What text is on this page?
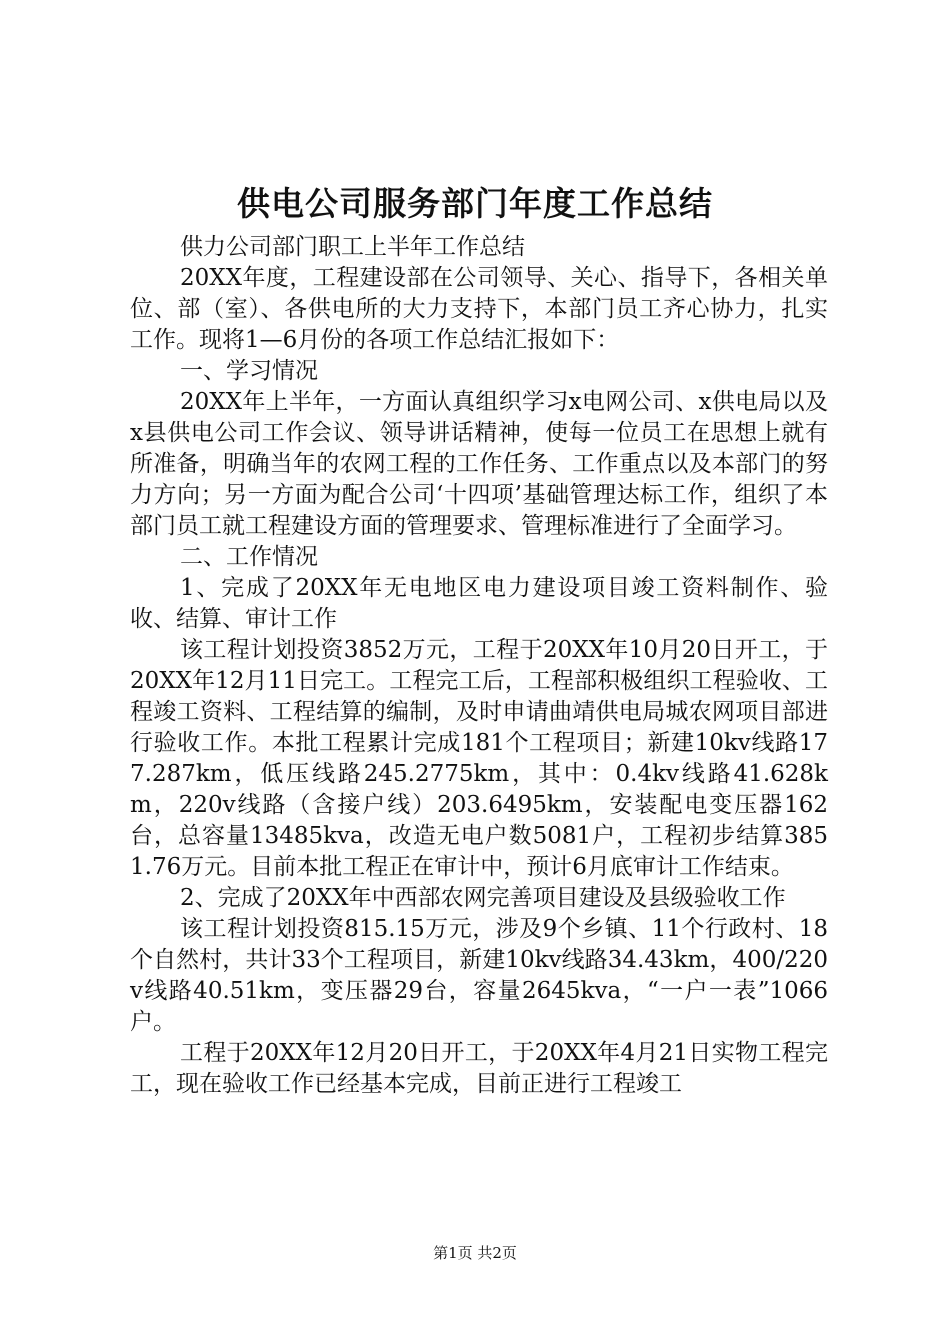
供电公司服务部门年度工作总结

供力公司部门职工上半年工作总结

20XX年度，工程建设部在公司领导、关心、指导下，各相关单位、部（室）、各供电所的大力支持下，本部门员工齐心协力，扎实工作。现将1—6月份的各项工作总结汇报如下：

一、学习情况

20XX年上半年，一方面认真组织学习x电网公司、x供电局以及x县供电公司工作会议、领导讲话精神，使每一位员工在思想上就有所准备，明确当年的农网工程的工作任务、工作重点以及本部门的努力方向；另一方面为配合公司‘十四项’基础管理达标工作，组织了本部门员工就工程建设方面的管理要求、管理标准进行了全面学习。

二、工作情况

1、完成了20XX年无电地区电力建设项目竣工资料制作、验收、结算、审计工作

该工程计划投资3852万元，工程于20XX年10月20日开工，于20XX年12月11日完工。工程完工后，工程部积极组织工程验收、工程竣工资料、工程结算的编制，及时申请曲靖供电局城农网项目部进行验收工作。本批工程累计完成181个工程项目；新建10kv线路177.287km，低压线路245.2775km，其中：0.4kv线路41.628km，220v线路（含接户线）203.6495km，安装配电变压器162台，总容量13485kva，改造无电户数5081户，工程初步结算3851.76万元。目前本批工程正在审计中，预计6月底审计工作结束。

2、完成了20XX年中西部农网完善项目建设及县级验收工作

该工程计划投资815.15万元，涉及9个乡镇、11个行政村、18个自然村，共计33个工程项目，新建10kv线路34.43km，400/220v线路40.51km，变压器29台，容量2645kva，“一户一表”1066户。

工程于20XX年12月20日开工，于20XX年4月21日实物工程完工，现在验收工作已经基本完成，目前正进行工程竣工

第1页 共2页
